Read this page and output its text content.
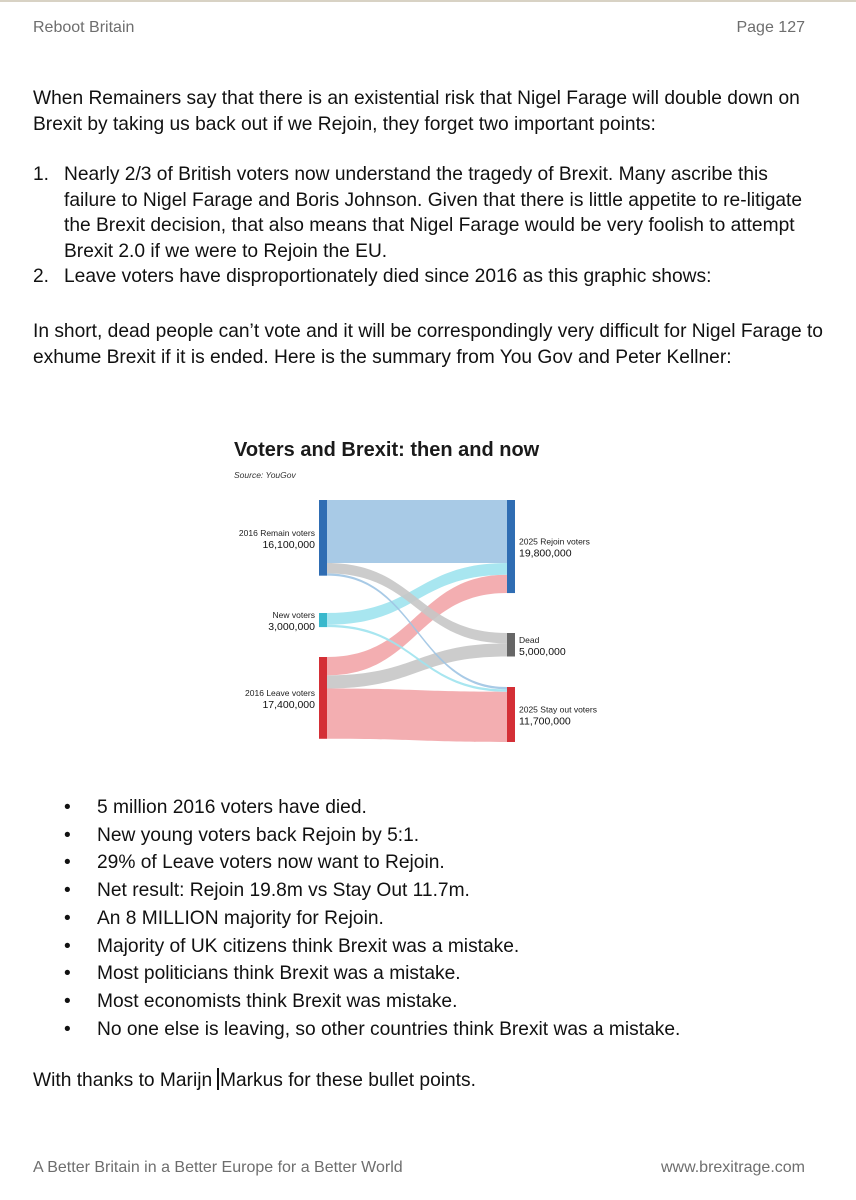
Reboot Britain	Page 127

When Remainers say that there is an existential risk that Nigel Farage will double down on Brexit by taking us back out if we Rejoin, they forget two important points:

1. Nearly 2/3 of British voters now understand the tragedy of Brexit. Many ascribe this failure to Nigel Farage and Boris Johnson. Given that there is little appetite to re-litigate the Brexit decision, that also means that Nigel Farage would be very foolish to attempt Brexit 2.0 if we were to Rejoin the EU.
2. Leave voters have disproportionately died since 2016 as this graphic shows:

In short, dead people can’t vote and it will be correspondingly very difficult for Nigel Farage to exhume Brexit if it is ended. Here is the summary from You Gov and Peter Kellner:

Voters and Brexit: then and now
Source: YouGov
2016 Remain voters
16,100,000
New voters
3,000,000
2016 Leave voters
17,400,000
2025 Rejoin voters
19,800,000
Dead
5,000,000
2025 Stay out voters
11,700,000
• 5 million 2016 voters have died.
• New young voters back Rejoin by 5:1.
• 29% of Leave voters now want to Rejoin.
• Net result: Rejoin 19.8m vs Stay Out 11.7m.
• An 8 MILLION majority for Rejoin.
• Majority of UK citizens think Brexit was a mistake.
• Most politicians think Brexit was a mistake.
• Most economists think Brexit was mistake.
• No one else is leaving, so other countries think Brexit was a mistake.

With thanks to Marijn Markus for these bullet points.

A Better Britain in a Better Europe for a Better World	www.brexitrage.com
